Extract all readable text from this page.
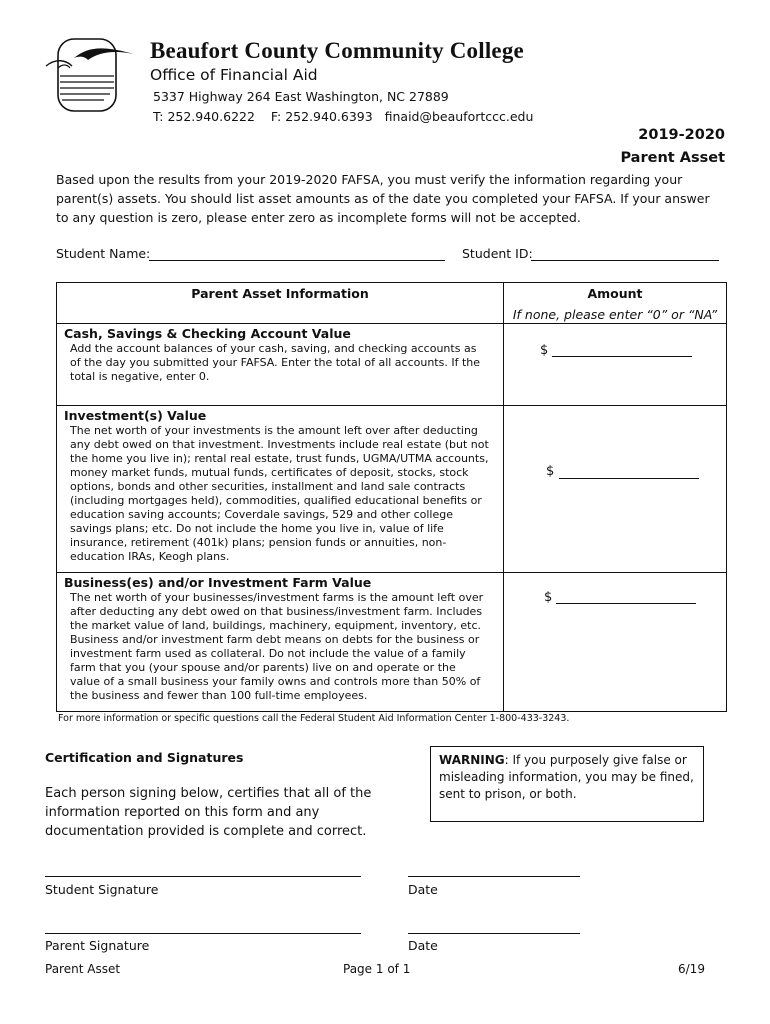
Beaufort County Community College
Office of Financial Aid
5337 Highway 264 East Washington, NC 27889
T: 252.940.6222    F: 252.940.6393   finaid@beaufortccc.edu
2019-2020
Parent Asset
Based upon the results from your 2019-2020 FAFSA, you must verify the information regarding your parent(s) assets. You should list asset amounts as of the date you completed your FAFSA. If your answer to any question is zero, please enter zero as incomplete forms will not be accepted.
Student Name:	Student ID:
Parent Asset Information	Amount
If none, please enter “0” or “NA”

Cash, Savings & Checking Account Value
Add the account balances of your cash, saving, and checking accounts as of the day you submitted your FAFSA. Enter the total of all accounts. If the total is negative, enter 0.	$

Investment(s) Value
The net worth of your investments is the amount left over after deducting any debt owed on that investment. Investments include real estate (but not the home you live in); rental real estate, trust funds, UGMA/UTMA accounts, money market funds, mutual funds, certificates of deposit, stocks, stock options, bonds and other securities, installment and land sale contracts (including mortgages held), commodities, qualified educational benefits or education saving accounts; Coverdale savings, 529 and other college savings plans; etc. Do not include the home you live in, value of life insurance, retirement (401k) plans; pension funds or annuities, non-education IRAs, Keogh plans.	$

Business(es) and/or Investment Farm Value
The net worth of your businesses/investment farms is the amount left over after deducting any debt owed on that business/investment farm. Includes the market value of land, buildings, machinery, equipment, inventory, etc. Business and/or investment farm debt means on debts for the business or investment farm used as collateral. Do not include the value of a family farm that you (your spouse and/or parents) live on and operate or the value of a small business your family owns and controls more than 50% of the business and fewer than 100 full-time employees.	$
For more information or specific questions call the Federal Student Aid Information Center 1-800-433-3243.
Certification and Signatures
Each person signing below, certifies that all of the information reported on this form and any documentation provided is complete and correct.
WARNING: If you purposely give false or misleading information, you may be fined, sent to prison, or both.
Student Signature	Date
Parent Signature	Date
Parent Asset	Page 1 of 1	6/19
